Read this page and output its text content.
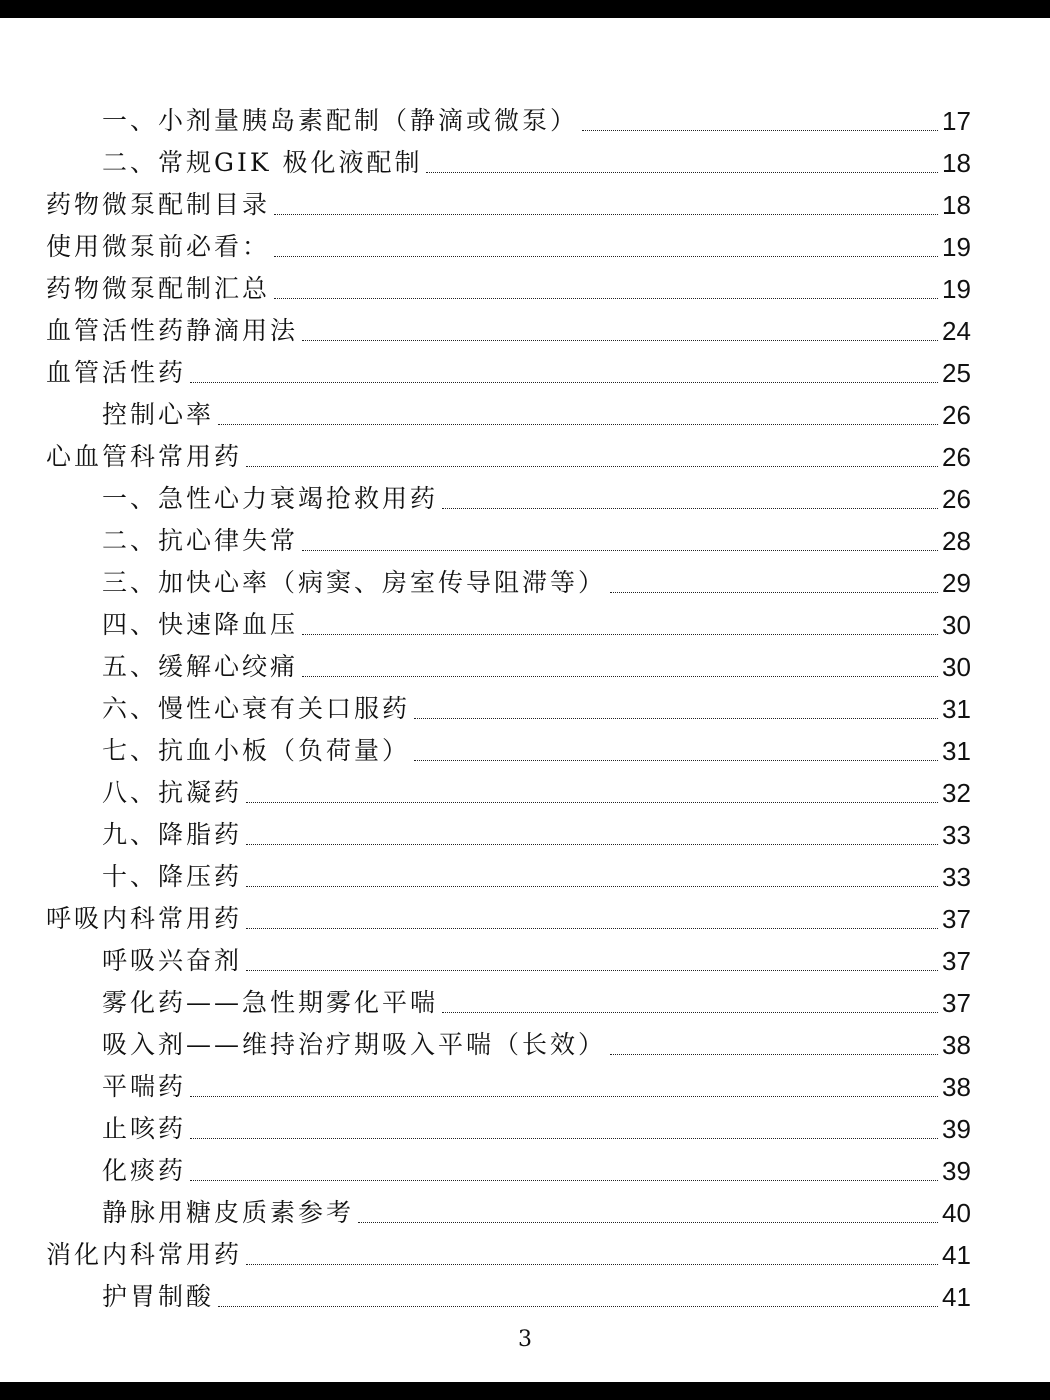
一、小剂量胰岛素配制（静滴或微泵）	17
二、常规GIK 极化液配制	18
药物微泵配制目录	18
使用微泵前必看：	19
药物微泵配制汇总	19
血管活性药静滴用法	24
血管活性药	25
控制心率	26
心血管科常用药	26
一、急性心力衰竭抢救用药	26
二、抗心律失常	28
三、加快心率（病窦、房室传导阻滞等）	29
四、快速降血压	30
五、缓解心绞痛	30
六、慢性心衰有关口服药	31
七、抗血小板（负荷量）	31
八、抗凝药	32
九、降脂药	33
十、降压药	33
呼吸内科常用药	37
呼吸兴奋剂	37
雾化药——急性期雾化平喘	37
吸入剂——维持治疗期吸入平喘（长效）	38
平喘药	38
止咳药	39
化痰药	39
静脉用糖皮质素参考	40
消化内科常用药	41
护胃制酸	41
3
